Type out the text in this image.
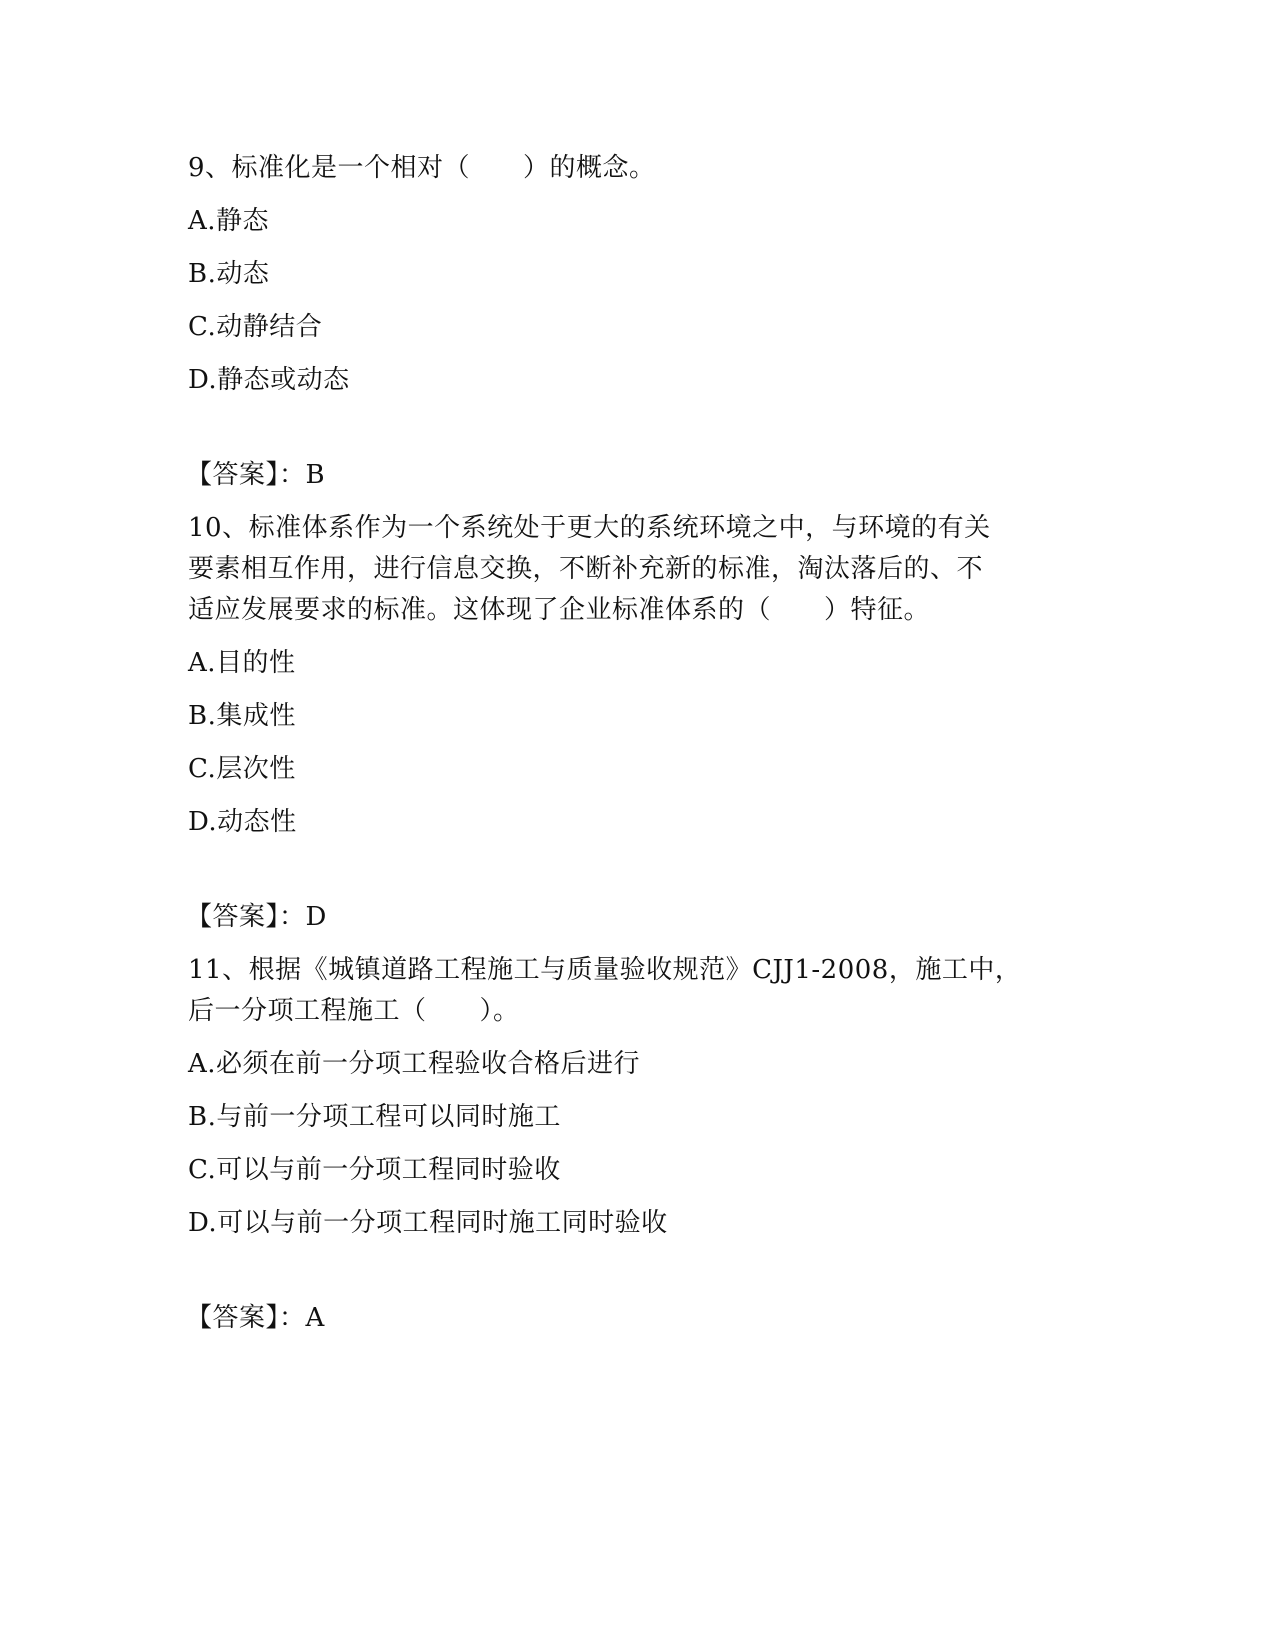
9、标准化是一个相对（　　）的概念。
A.静态
B.动态
C.动静结合
D.静态或动态
【答案】：B
10、标准体系作为一个系统处于更大的系统环境之中，与环境的有关
要素相互作用，进行信息交换，不断补充新的标准，淘汰落后的、不
适应发展要求的标准。这体现了企业标准体系的（　　）特征。
A.目的性
B.集成性
C.层次性
D.动态性
【答案】：D
11、根据《城镇道路工程施工与质量验收规范》CJJ1-2008，施工中，
后一分项工程施工（　　）。
A.必须在前一分项工程验收合格后进行
B.与前一分项工程可以同时施工
C.可以与前一分项工程同时验收
D.可以与前一分项工程同时施工同时验收
【答案】：A
